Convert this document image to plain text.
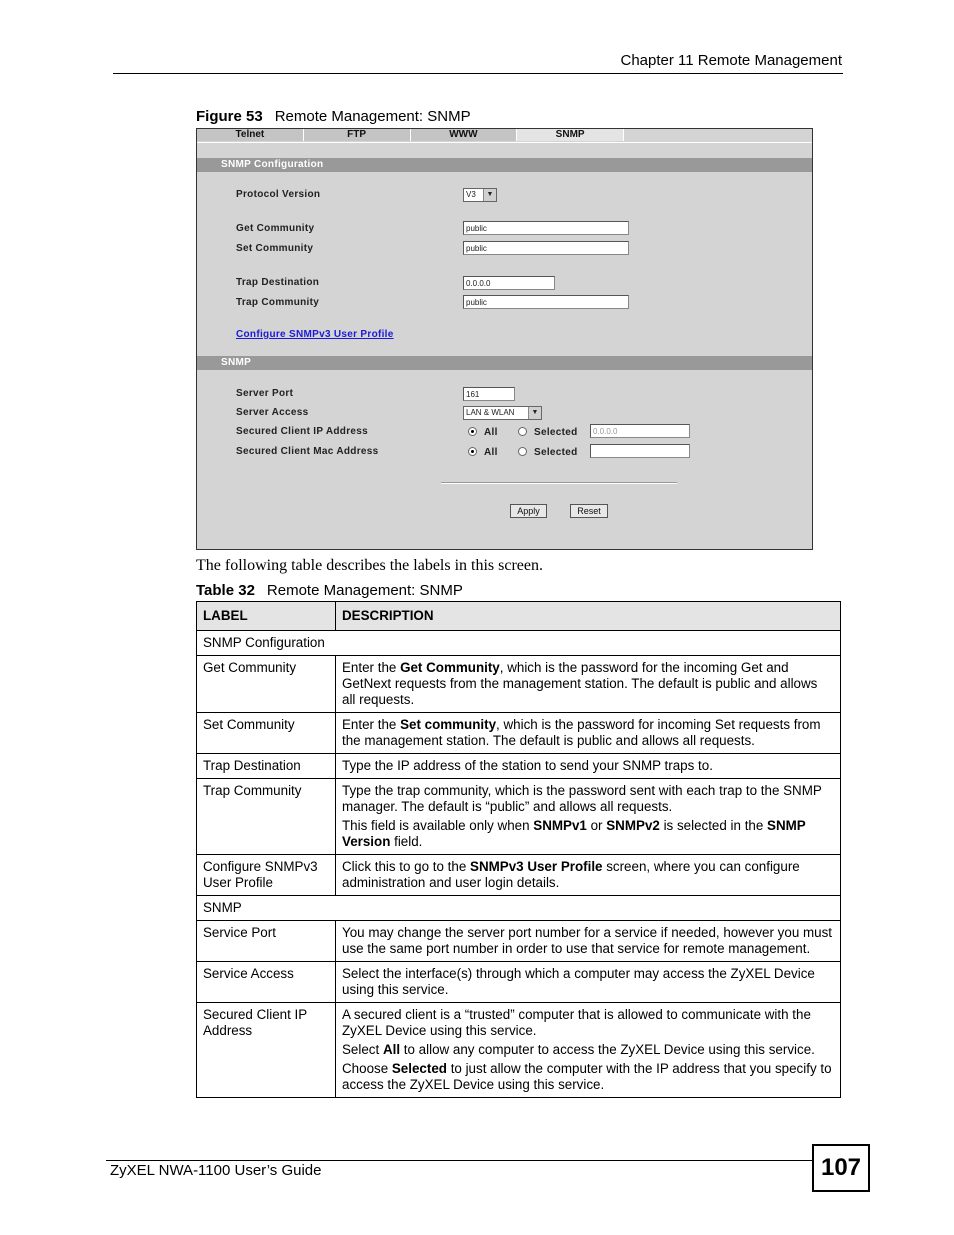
Chapter 11 Remote Management
Figure 53 Remote Management: SNMP
Telnet	FTP	WWW	SNMP
SNMP Configuration
Protocol Version	V3	▼
Get Community	public
Set Community	public
Trap Destination	0.0.0.0
Trap Community	public
Configure SNMPv3 User Profile
SNMP
Server Port	161
Server Access	LAN & WLAN	▼
Secured Client IP Address	All	Selected	0.0.0.0
Secured Client Mac Address	All	Selected
Apply	Reset
The following table describes the labels in this screen.
Table 32 Remote Management: SNMP
LABEL	DESCRIPTION
SNMP Configuration	
Get Community	Enter the Get Community, which is the password for the incoming Get and GetNext requests from the management station. The default is public and allows all requests.
Set Community	Enter the Set community, which is the password for incoming Set requests from the management station. The default is public and allows all requests.
Trap Destination	Type the IP address of the station to send your SNMP traps to.
Trap Community	Type the trap community, which is the password sent with each trap to the SNMP manager. The default is “public” and allows all requests.

This field is available only when SNMPv1 or SNMPv2 is selected in the SNMP Version field.

Configure SNMPv3 User Profile	Click this to go to the SNMPv3 User Profile screen, where you can configure administration and user login details.
SNMP	
Service Port	You may change the server port number for a service if needed, however you must use the same port number in order to use that service for remote management.
Service Access	Select the interface(s) through which a computer may access the ZyXEL Device using this service.
Secured Client IP Address	A secured client is a “trusted” computer that is allowed to communicate with the ZyXEL Device using this service.

Select All to allow any computer to access the ZyXEL Device using this service.

Choose Selected to just allow the computer with the IP address that you specify to access the ZyXEL Device using this service.

ZyXEL NWA-1100 User’s Guide	107
